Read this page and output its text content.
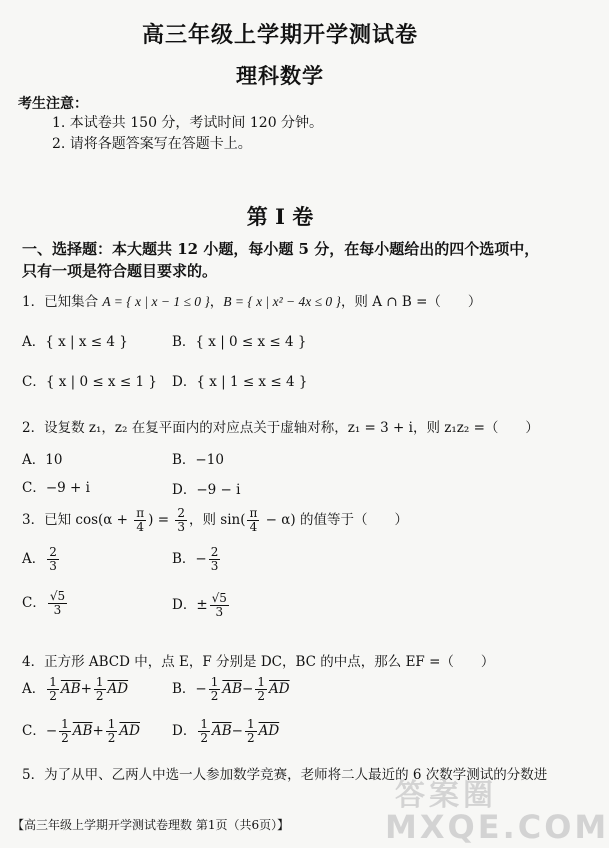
高三年级上学期开学测试卷
理科数学
考生注意：
1. 本试卷共 150 分，考试时间 120 分钟。
2. 请将各题答案写在答题卡上。
第 I 卷
一、选择题：本大题共 12 小题，每小题 5 分，在每小题给出的四个选项中，只有一项是符合题目要求的。
1．已知集合 A = { x | x − 1 ≤ 0 }，B = { x | x² − 4x ≤ 0 }，则 A ∩ B =（　　）
A．{ x | x ≤ 4 }	B．{ x | 0 ≤ x ≤ 4 }
C．{ x | 0 ≤ x ≤ 1 } D．{ x | 1 ≤ x ≤ 4 }
2．设复数 z₁，z₂ 在复平面内的对应点关于虚轴对称，z₁ = 3 + i，则 z₁z₂ =（　　）
A．10	B．−10
C．−9 + i	D．−9 − i
3．已知 $\cos(\alpha + \frac{\pi}{4}$ ) = $\frac{2}{3}$ ，则 $\sin( \frac{\pi}{4} - \alpha)$ 的值等于（　　）
A． $\frac{2}{3}$	B．− $\frac{2}{3}$
C． $\frac{√5}{3}$	D．± $\frac{√5}{3}$
4．正方形 ABCD 中，点 E，F 分别是 DC，BC 的中点，那么 EF =（　　）
A． $\frac{1}{2} \overline{AB}+ \frac{1}{2} \overline{AD}$	B．− $\frac{1}{2} \overline{AB}- \frac{1}{2} \overline{AD}$
C．− $\frac{1}{2} \overline{AB}+ \frac{1}{2} \overline{AD}$ D． $\frac{1}{2} \overline{AB}- \frac{1}{2} \overline{AD}$
5．为了从甲、乙两人中选一人参加数学竞赛，老师将二人最近的 6 次数学测试的分数进
【高三年级上学期开学测试卷理数 第1页（共6页）】
答案圈
MXQE.COM
